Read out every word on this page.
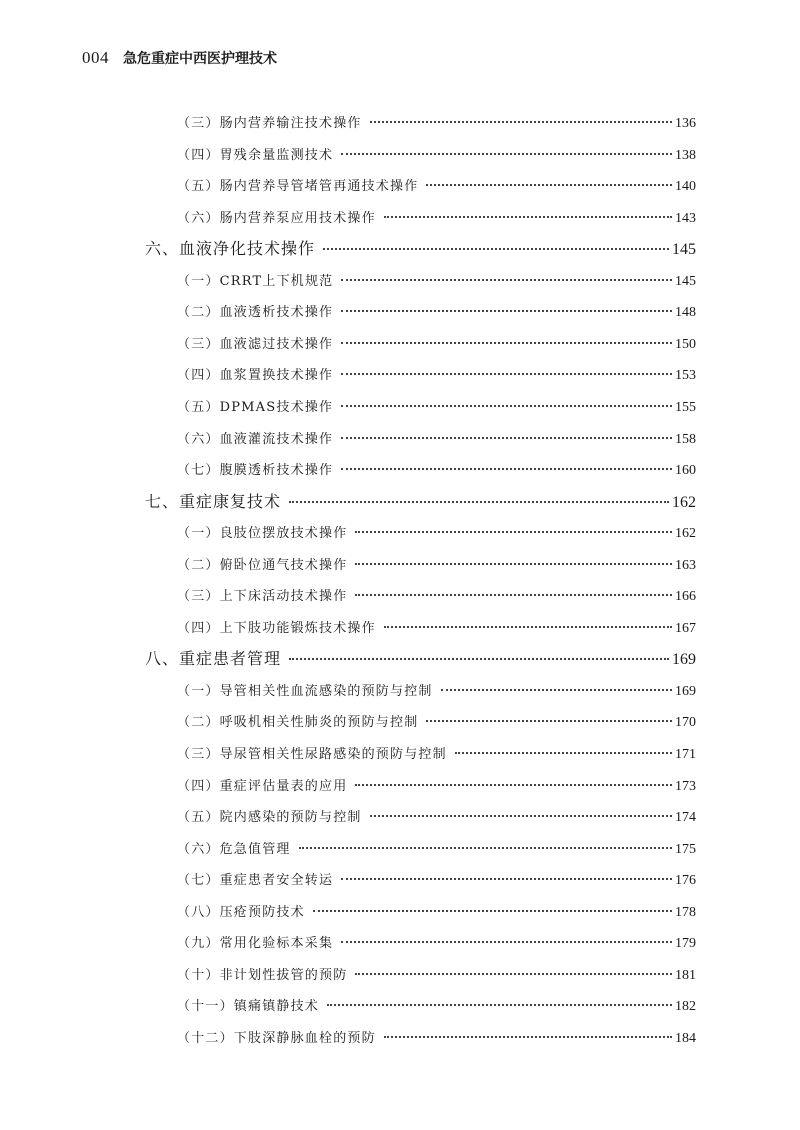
004 急危重症中西医护理技术
（三）肠内营养输注技术操作	136
（四）胃残余量监测技术	138
（五）肠内营养导管堵管再通技术操作	140
（六）肠内营养泵应用技术操作	143
六、血液净化技术操作	145
（一）CRRT上下机规范	145
（二）血液透析技术操作	148
（三）血液滤过技术操作	150
（四）血浆置换技术操作	153
（五）DPMAS技术操作	155
（六）血液灌流技术操作	158
（七）腹膜透析技术操作	160
七、重症康复技术	162
（一）良肢位摆放技术操作	162
（二）俯卧位通气技术操作	163
（三）上下床活动技术操作	166
（四）上下肢功能锻炼技术操作	167
八、重症患者管理	169
（一）导管相关性血流感染的预防与控制	169
（二）呼吸机相关性肺炎的预防与控制	170
（三）导尿管相关性尿路感染的预防与控制	171
（四）重症评估量表的应用	173
（五）院内感染的预防与控制	174
（六）危急值管理	175
（七）重症患者安全转运	176
（八）压疮预防技术	178
（九）常用化验标本采集	179
（十）非计划性拔管的预防	181
（十一）镇痛镇静技术	182
（十二）下肢深静脉血栓的预防	184
